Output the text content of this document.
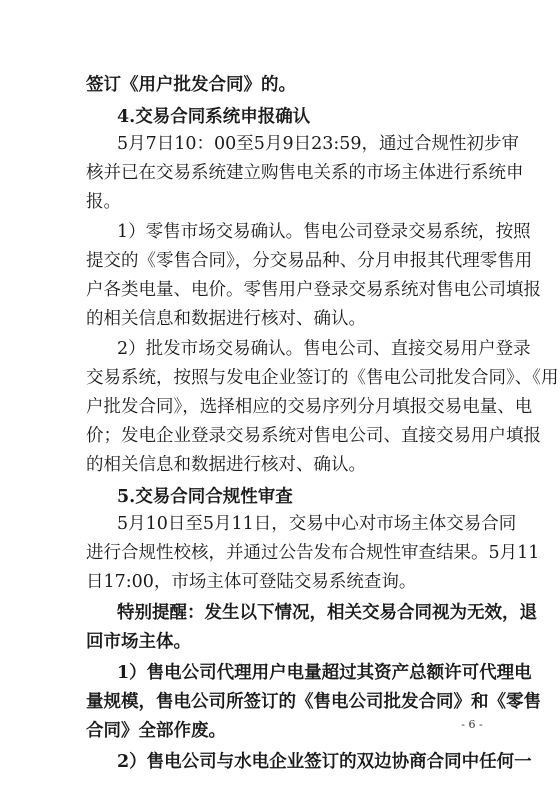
签订《用户批发合同》的。
4.交易合同系统申报确认
5月7日10：00至5月9日23:59，通过合规性初步审
核并已在交易系统建立购售电关系的市场主体进行系统申
报。
1）零售市场交易确认。售电公司登录交易系统，按照
提交的《零售合同》，分交易品种、分月申报其代理零售用
户各类电量、电价。零售用户登录交易系统对售电公司填报
的相关信息和数据进行核对、确认。
2）批发市场交易确认。售电公司、直接交易用户登录
交易系统，按照与发电企业签订的《售电公司批发合同》、《用
户批发合同》，选择相应的交易序列分月填报交易电量、电
价；发电企业登录交易系统对售电公司、直接交易用户填报
的相关信息和数据进行核对、确认。
5.交易合同合规性审查
5月10日至5月11日，交易中心对市场主体交易合同
进行合规性校核，并通过公告发布合规性审查结果。5月11
日17:00，市场主体可登陆交易系统查询。
特别提醒：发生以下情况，相关交易合同视为无效，退
回市场主体。
1）售电公司代理用户电量超过其资产总额许可代理电
量规模，售电公司所签订的《售电公司批发合同》和《零售
合同》全部作废。
2）售电公司与水电企业签订的双边协商合同中任何一
- 6 -
